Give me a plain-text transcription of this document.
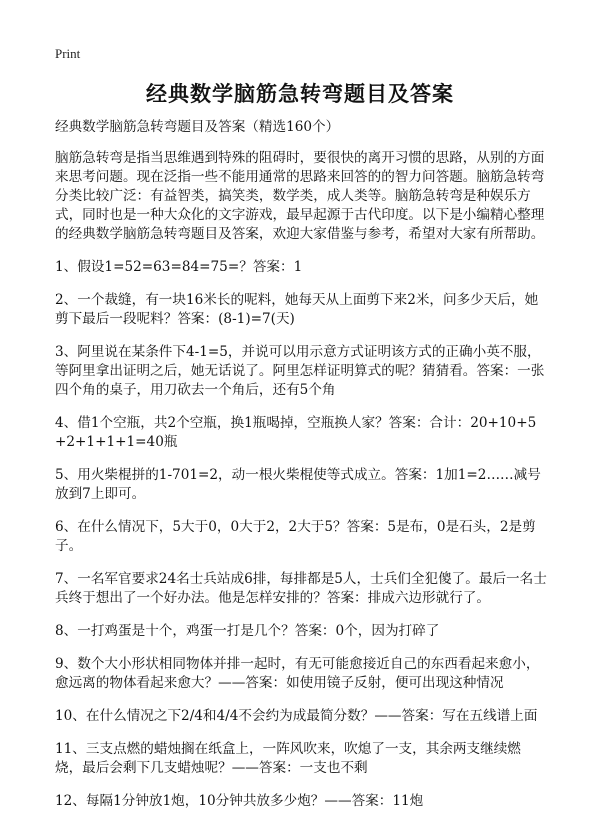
Print
经典数学脑筋急转弯题目及答案

经典数学脑筋急转弯题目及答案（精选160个）

脑筋急转弯是指当思维遇到特殊的阻碍时，要很快的离开习惯的思路，从别的方面来思考问题。现在泛指一些不能用通常的思路来回答的的智力问答题。脑筋急转弯分类比较广泛：有益智类，搞笑类，数学类，成人类等。脑筋急转弯是种娱乐方式，同时也是一种大众化的文字游戏，最早起源于古代印度。以下是小编精心整理的经典数学脑筋急转弯题目及答案，欢迎大家借鉴与参考，希望对大家有所帮助。

1、假设1=52=63=84=75=？答案：1

2、一个裁缝，有一块16米长的呢料，她每天从上面剪下来2米，问多少天后，她剪下最后一段呢料？答案：(8-1)=7(天)

3、阿里说在某条件下4-1=5，并说可以用示意方式证明该方式的正确小英不服，等阿里拿出证明之后，她无话说了。阿里怎样证明算式的呢？猜猜看。答案：一张四个角的桌子，用刀砍去一个角后，还有5个角

4、借1个空瓶，共2个空瓶，换1瓶喝掉，空瓶换人家？答案：合计：20+10+5+2+1+1+1=40瓶

5、用火柴棍拼的1-701=2，动一根火柴棍使等式成立。答案：1加1=2……减号放到7上即可。

6、在什么情况下，5大于0，0大于2，2大于5？答案：5是布，0是石头，2是剪子。

7、一名军官要求24名士兵站成6排，每排都是5人，士兵们全犯傻了。最后一名士兵终于想出了一个好办法。他是怎样安排的？答案：排成六边形就行了。

8、一打鸡蛋是十个，鸡蛋一打是几个？答案：0个，因为打碎了

9、数个大小形状相同物体并排一起时，有无可能愈接近自己的东西看起来愈小，愈远离的物体看起来愈大？——答案：如使用镜子反射，便可出现这种情况

10、在什么情况之下2/4和4/4不会约为成最简分数？——答案：写在五线谱上面

11、三支点燃的蜡烛搁在纸盒上，一阵风吹来，吹熄了一支，其余两支继续燃烧，最后会剩下几支蜡烛呢？——答案：一支也不剩

12、每隔1分钟放1炮，10分钟共放多少炮？——答案：11炮
